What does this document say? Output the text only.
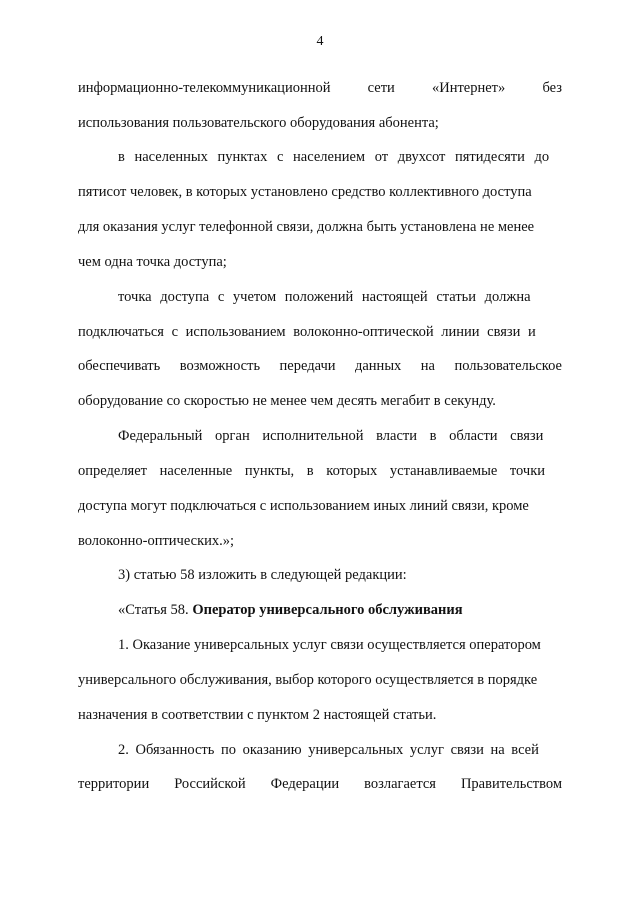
4
информационно-телекоммуникационной	сети	«Интернет»	без
использования пользовательского оборудования абонента;
в населенных пунктах с населением от двухсот пятидесяти до
пятисот человек, в которых установлено средство коллективного доступа
для оказания услуг телефонной связи, должна быть установлена не менее
чем одна точка доступа;
точка доступа с учетом положений настоящей статьи должна
подключаться с использованием волоконно-оптической линии связи и
обеспечивать возможность передачи данных на пользовательское
оборудование со скоростью не менее чем десять мегабит в секунду.
Федеральный орган исполнительной власти в области связи
определяет населенные пункты, в которых устанавливаемые точки
доступа могут подключаться с использованием иных линий связи, кроме
волоконно-оптических.»;
3) статью 58 изложить в следующей редакции:
«Статья 58. Оператор универсального обслуживания
1. Оказание универсальных услуг связи осуществляется оператором
универсального обслуживания, выбор которого осуществляется в порядке
назначения в соответствии с пунктом 2 настоящей статьи.
2. Обязанность по оказанию универсальных услуг связи на всей
территории Российской Федерации возлагается Правительством
